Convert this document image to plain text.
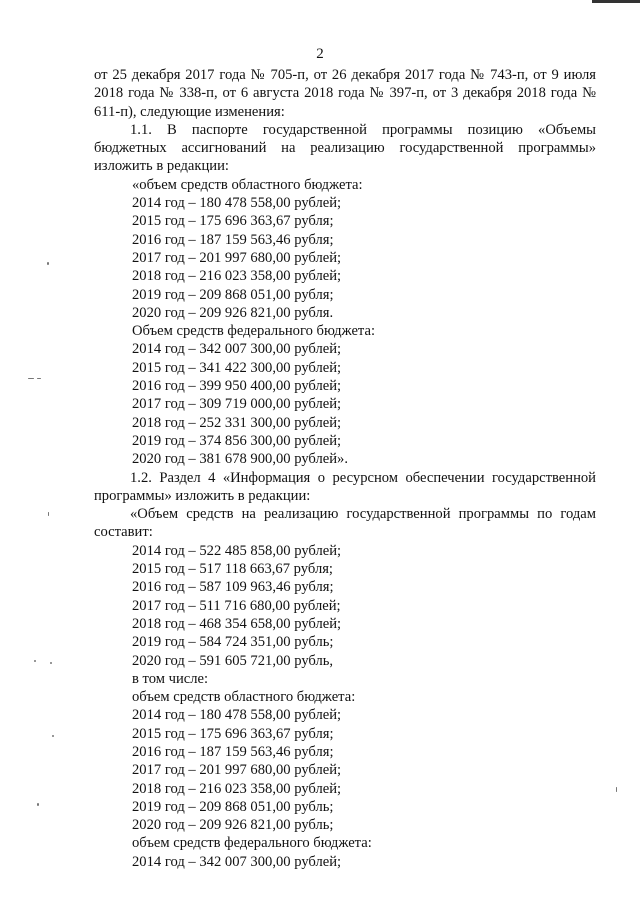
2

от 25 декабря 2017 года № 705-п, от 26 декабря 2017 года № 743-п, от 9 июля 2018 года № 338-п, от 6 августа 2018 года № 397-п, от 3 декабря 2018 года № 611-п), следующие изменения:

1.1. В паспорте государственной программы позицию «Объемы бюджетных ассигнований на реализацию государственной программы» изложить в редакции:

«объем средств областного бюджета:
2014 год – 180 478 558,00 рублей;
2015 год – 175 696 363,67 рубля;
2016 год – 187 159 563,46 рубля;
2017 год – 201 997 680,00 рублей;
2018 год – 216 023 358,00 рублей;
2019 год – 209 868 051,00 рубля;
2020 год – 209 926 821,00 рубля.
Объем средств федерального бюджета:
2014 год – 342 007 300,00 рублей;
2015 год – 341 422 300,00 рублей;
2016 год – 399 950 400,00 рублей;
2017 год – 309 719 000,00 рублей;
2018 год – 252 331 300,00 рублей;
2019 год – 374 856 300,00 рублей;
2020 год – 381 678 900,00 рублей».

1.2. Раздел 4 «Информация о ресурсном обеспечении государственной программы» изложить в редакции:

«Объем средств на реализацию государственной программы по годам составит:

2014 год – 522 485 858,00 рублей;
2015 год – 517 118 663,67 рубля;
2016 год – 587 109 963,46 рубля;
2017 год – 511 716 680,00 рублей;
2018 год – 468 354 658,00 рублей;
2019 год – 584 724 351,00 рубль;
2020 год – 591 605 721,00 рубль,
в том числе:
объем средств областного бюджета:
2014 год – 180 478 558,00 рублей;
2015 год – 175 696 363,67 рубля;
2016 год – 187 159 563,46 рубля;
2017 год – 201 997 680,00 рублей;
2018 год – 216 023 358,00 рублей;
2019 год – 209 868 051,00 рубль;
2020 год – 209 926 821,00 рубль;
объем средств федерального бюджета:
2014 год – 342 007 300,00 рублей;
